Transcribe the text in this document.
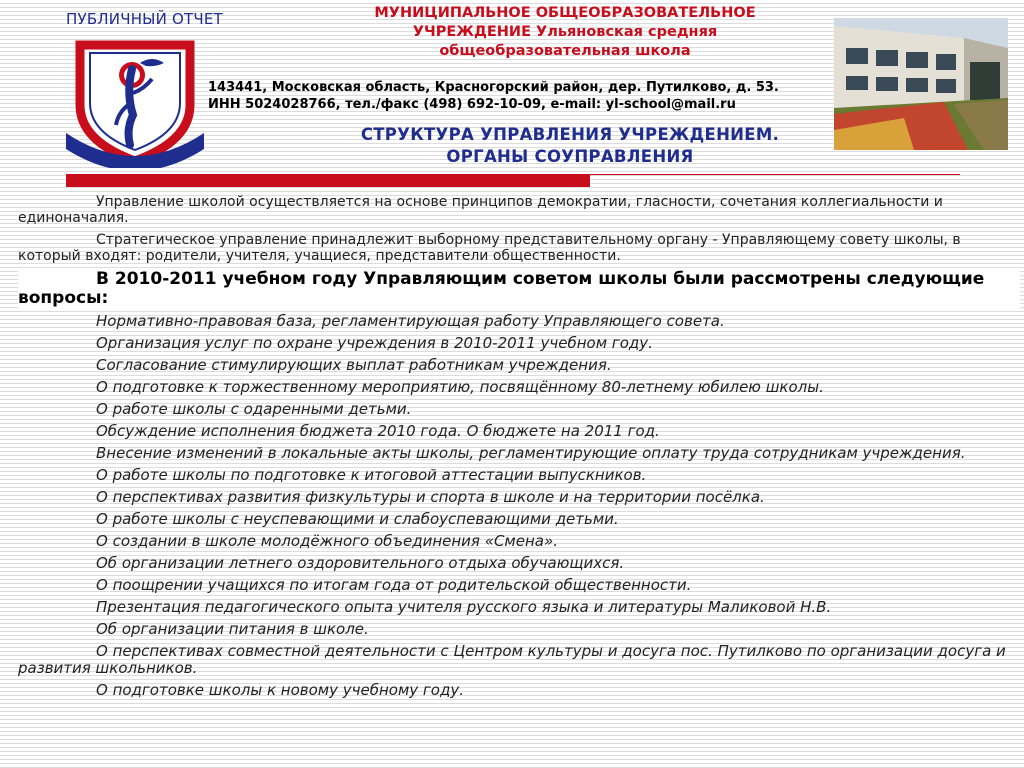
ПУБЛИЧНЫЙ ОТЧЕТ	МУНИЦИПАЛЬНОЕ ОБЩЕОБРАЗОВАТЕЛЬНОЕ
УЧРЕЖДЕНИЕ Ульяновская средняя
общеобразовательная школа
143441, Московская область, Красногорский район, дер. Путилково, д. 53.
ИНН 5024028766, тел./факс (498) 692-10-09, e-mail: yl-school@mail.ru
СТРУКТУРА УПРАВЛЕНИЯ УЧРЕЖДЕНИЕМ.
ОРГАНЫ СОУПРАВЛЕНИЯ

Управление школой осуществляется на основе принципов демократии, гласности, сочетания коллегиальности и единоначалия.

Стратегическое управление принадлежит выборному представительному органу - Управляющему совету школы, в который входят: родители, учителя, учащиеся, представители общественности.

В 2010-2011 учебном году Управляющим советом школы были рассмотрены следующие вопросы:
Нормативно-правовая база, регламентирующая работу Управляющего совета.
Организация услуг по охране учреждения в 2010-2011 учебном году.
Согласование стимулирующих выплат работникам учреждения.
О подготовке к торжественному мероприятию, посвящённому 80-летнему юбилею школы.
О работе школы с одаренными детьми.
Обсуждение исполнения бюджета 2010 года. О бюджете на 2011 год.
Внесение изменений в локальные акты школы, регламентирующие оплату труда сотрудникам учреждения.
О работе школы по подготовке к итоговой аттестации выпускников.
О перспективах развития физкультуры и спорта в школе и на территории посёлка.
О работе школы с неуспевающими и слабоуспевающими детьми.
О создании в школе молодёжного объединения «Смена».
Об организации летнего оздоровительного отдыха обучающихся.
О поощрении учащихся по итогам года от родительской общественности.
Презентация педагогического опыта учителя русского языка и литературы Маликовой Н.В.
Об организации питания в школе.
О перспективах совместной деятельности с Центром культуры и досуга пос. Путилково по организации досуга и развития школьников.
О подготовке школы к новому учебному году.
